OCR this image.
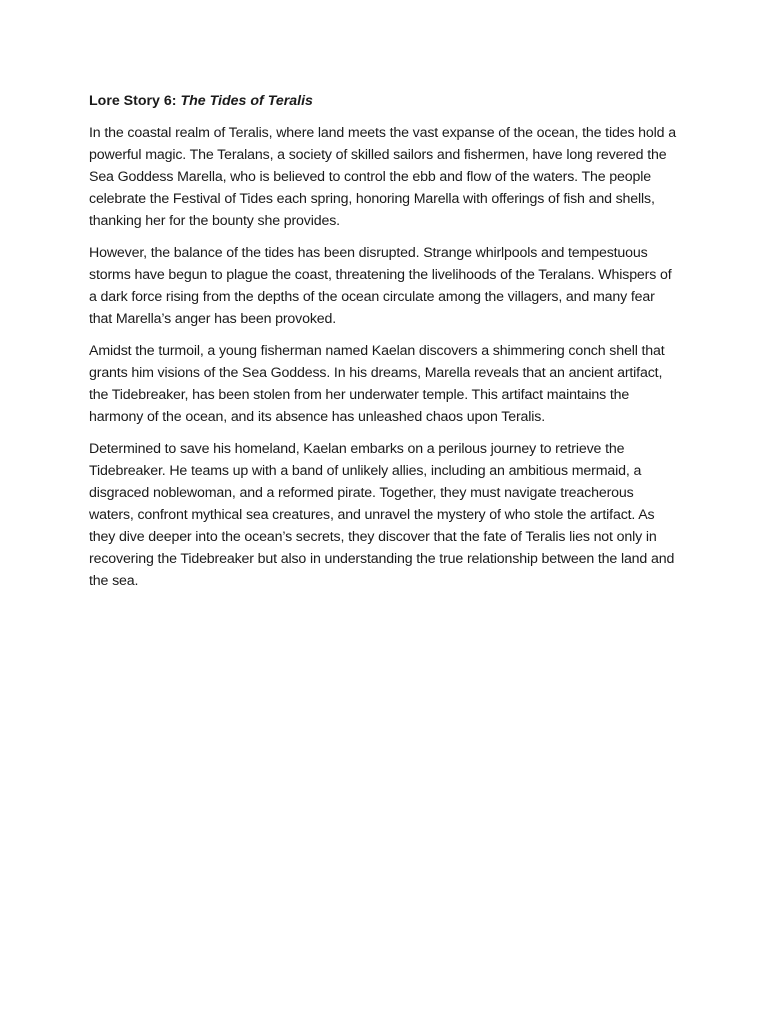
Lore Story 6: The Tides of Teralis

In the coastal realm of Teralis, where land meets the vast expanse of the ocean, the tides hold a powerful magic. The Teralans, a society of skilled sailors and fishermen, have long revered the Sea Goddess Marella, who is believed to control the ebb and flow of the waters. The people celebrate the Festival of Tides each spring, honoring Marella with offerings of fish and shells, thanking her for the bounty she provides.

However, the balance of the tides has been disrupted. Strange whirlpools and tempestuous storms have begun to plague the coast, threatening the livelihoods of the Teralans. Whispers of a dark force rising from the depths of the ocean circulate among the villagers, and many fear that Marella’s anger has been provoked.

Amidst the turmoil, a young fisherman named Kaelan discovers a shimmering conch shell that grants him visions of the Sea Goddess. In his dreams, Marella reveals that an ancient artifact, the Tidebreaker, has been stolen from her underwater temple. This artifact maintains the harmony of the ocean, and its absence has unleashed chaos upon Teralis.

Determined to save his homeland, Kaelan embarks on a perilous journey to retrieve the Tidebreaker. He teams up with a band of unlikely allies, including an ambitious mermaid, a disgraced noblewoman, and a reformed pirate. Together, they must navigate treacherous waters, confront mythical sea creatures, and unravel the mystery of who stole the artifact. As they dive deeper into the ocean’s secrets, they discover that the fate of Teralis lies not only in recovering the Tidebreaker but also in understanding the true relationship between the land and the sea.
